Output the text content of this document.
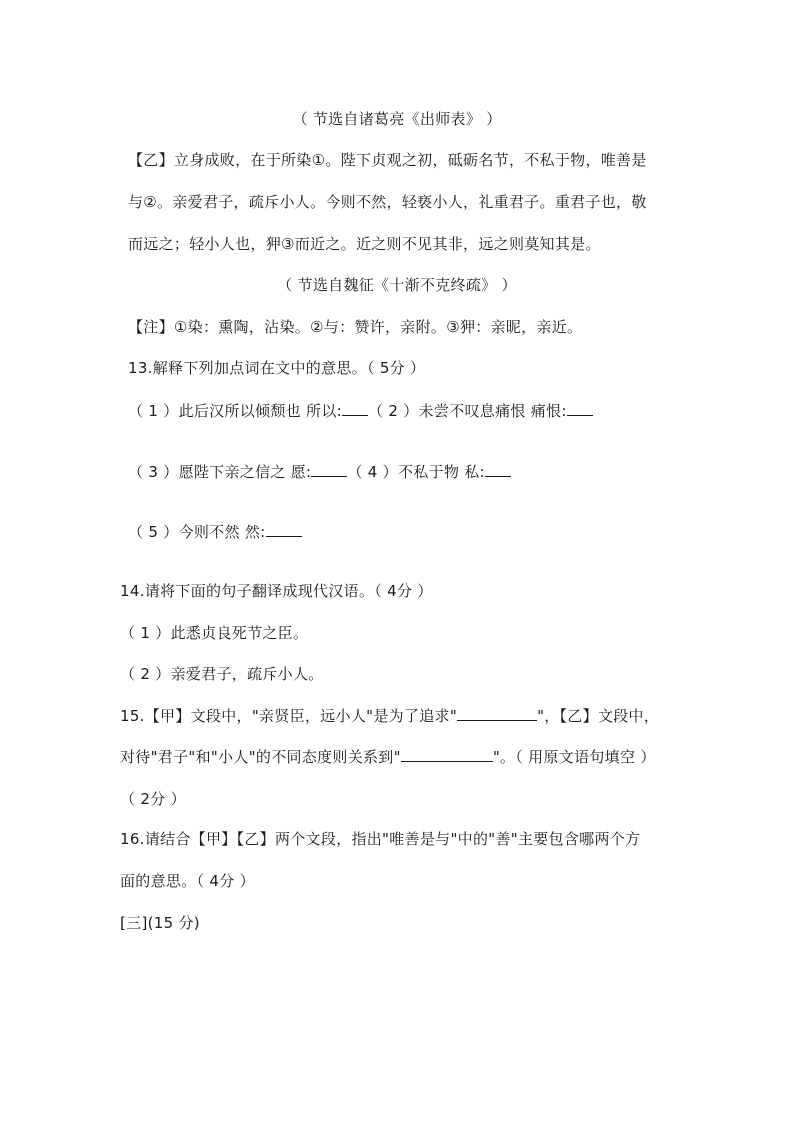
（ 节选自诸葛亮《出师表》 ）
【乙】立身成败，在于所染①。陛下贞观之初，砥砺名节，不私于物，唯善是
与②。亲爱君子，疏斥小人。今则不然，轻亵小人，礼重君子。重君子也，敬
而远之；轻小人也，狎③而近之。近之则不见其非，远之则莫知其是。
（ 节选自魏征《十渐不克终疏》 ）
【注】①染：熏陶，沾染。②与：赞许，亲附。③狎：亲昵，亲近。
13.解释下列加点词在文中的意思。（ 5分 ）
（ 1 ）此后汉所以倾颓也 所以: （ 2 ）未尝不叹息痛恨 痛恨:
（ 3 ）愿陛下亲之信之 愿: （ 4 ）不私于物 私:
（ 5 ）今则不然 然:
14.请将下面的句子翻译成现代汉语。（ 4分 ）
（ 1 ）此悉贞良死节之臣。
（ 2 ）亲爱君子，疏斥小人。
15.【甲】文段中，"亲贤臣，远小人"是为了追求"	"，【乙】文段中，
对待"君子"和"小人"的不同态度则关系到"	"。（ 用原文语句填空 ）
（ 2分 ）
16.请结合【甲】【乙】两个文段，指出"唯善是与"中的"善"主要包含哪两个方
面的意思。（ 4分 ）
[三](15 分)
